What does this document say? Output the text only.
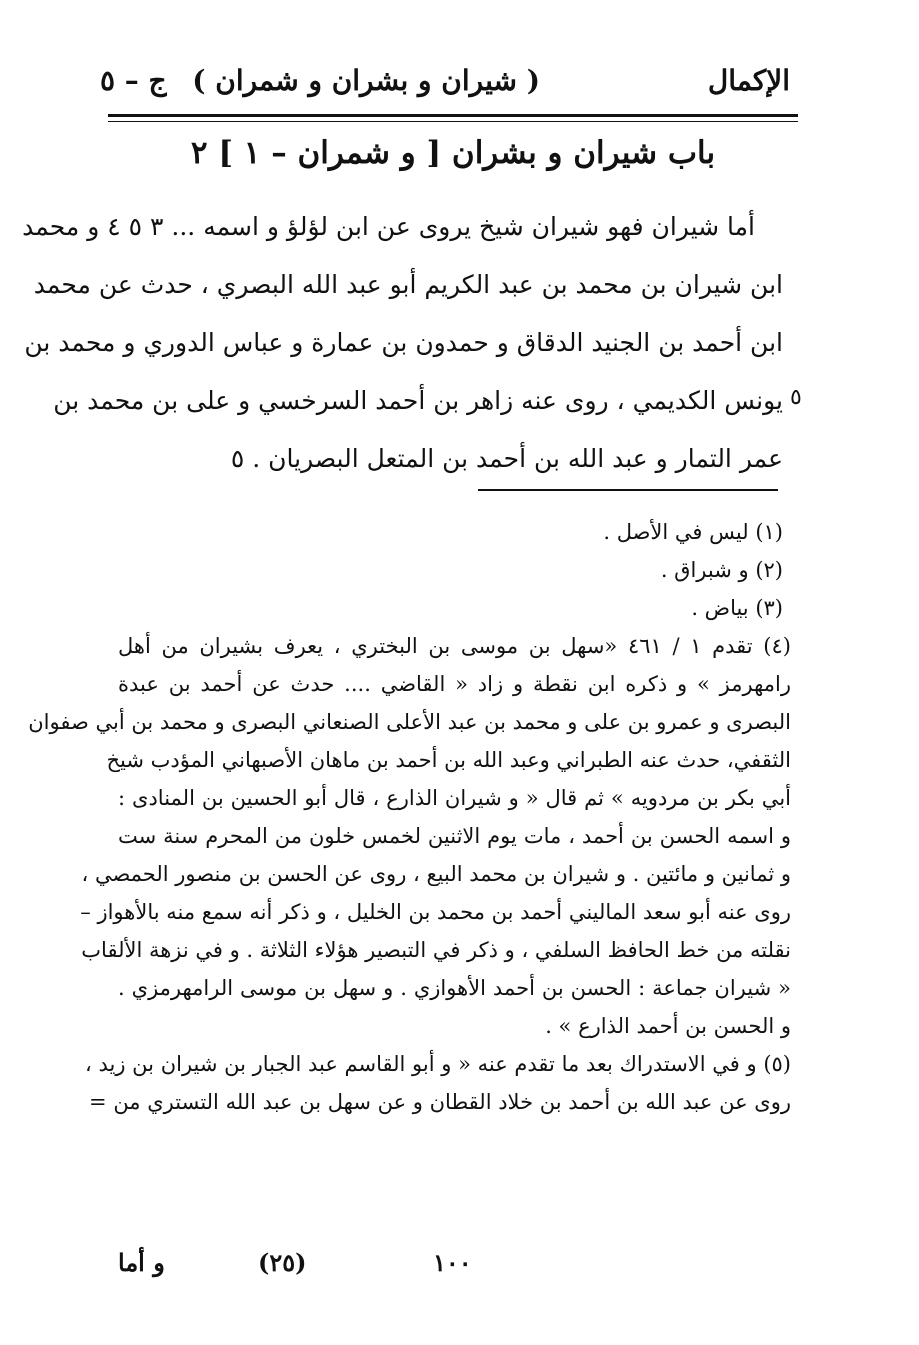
الإكمال
( شيران و بشران و شمران )
ج – ٥
باب شيران و بشران [ و شمران – ١ ] ٢
أما شيران فهو شيران شيخ يروى عن ابن لؤلؤ و اسمه ... ٣ ٥ ٤ و محمد
ابن شيران بن محمد بن عبد الكريم أبو عبد الله البصري ، حدث عن محمد
ابن أحمد بن الجنيد الدقاق و حمدون بن عمارة و عباس الدوري و محمد بن
يونس الكديمي ، روى عنه زاهر بن أحمد السرخسي و على بن محمد بن
عمر التمار و عبد الله بن أحمد بن المتعل البصريان . ٥
٥
(١) ليس في الأصل .
(٢) و شبراق .
(٣) بياض .
(٤) تقدم ١ / ٤٦١ «سهل بن موسى بن البختري ، يعرف بشيران من أهل
رامهرمز » و ذكره ابن نقطة و زاد « القاضي .... حدث عن أحمد بن عبدة
البصرى و عمرو بن على و محمد بن عبد الأعلى الصنعاني البصرى و محمد بن أبي صفوان
الثقفي، حدث عنه الطبراني وعبد الله بن أحمد بن ماهان الأصبهاني المؤدب شيخ
أبي بكر بن مردويه » ثم قال « و شيران الذارع ، قال أبو الحسين بن المنادى :
و اسمه الحسن بن أحمد ، مات يوم الاثنين لخمس خلون من المحرم سنة ست
و ثمانين و مائتين . و شيران بن محمد البيع ، روى عن الحسن بن منصور الحمصي ،
روى عنه أبو سعد الماليني أحمد بن محمد بن الخليل ، و ذكر أنه سمع منه بالأهواز –
نقلته من خط الحافظ السلفي ، و ذكر في التبصير هؤلاء الثلاثة . و في نزهة الألقاب
« شيران جماعة : الحسن بن أحمد الأهوازي . و سهل بن موسى الرامهرمزي .
و الحسن بن أحمد الذارع » .
(٥) و في الاستدراك بعد ما تقدم عنه « و أبو القاسم عبد الجبار بن شيران بن زيد ،
روى عن عبد الله بن أحمد بن خلاد القطان و عن سهل بن عبد الله التستري من =
و أما	(٢٥)	١٠٠
